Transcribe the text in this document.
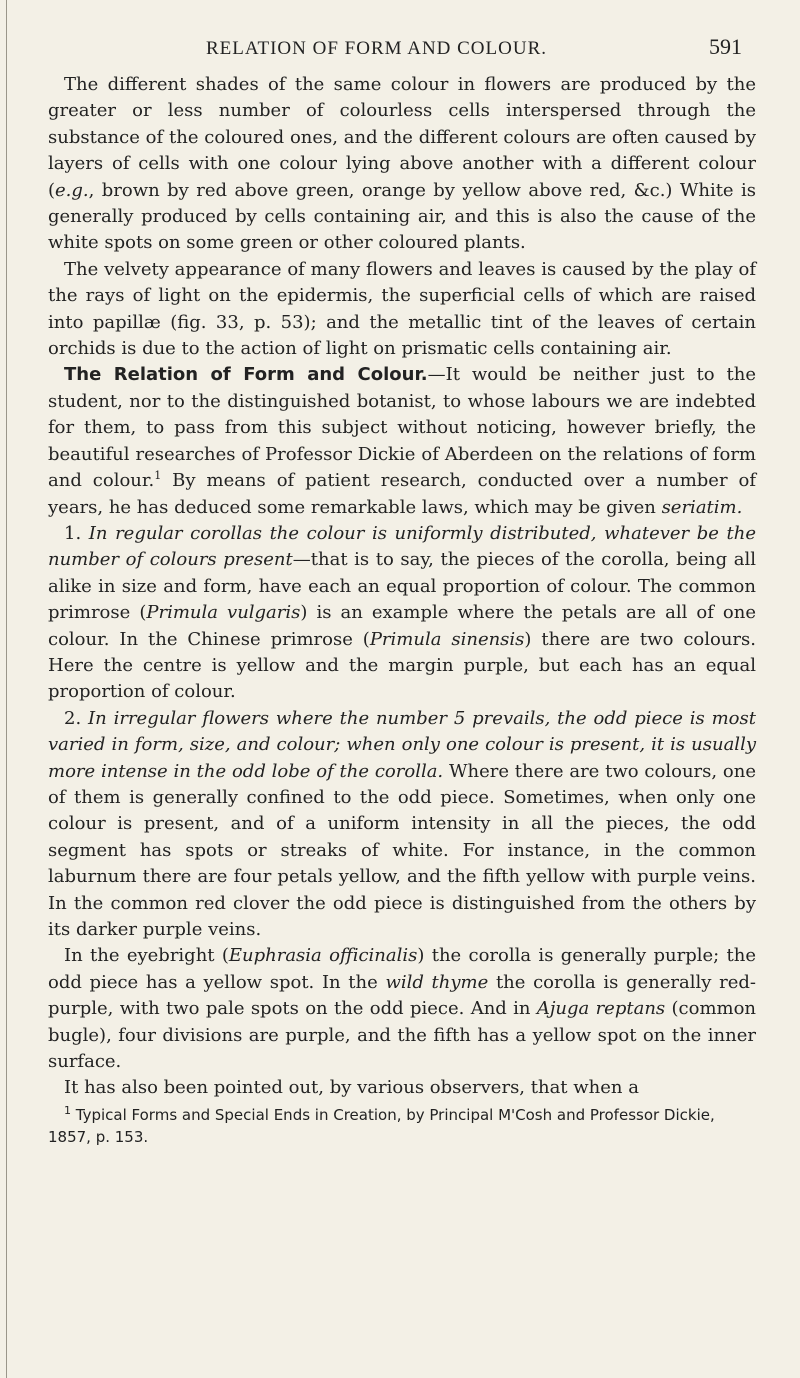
RELATION OF FORM AND COLOUR.	591

The different shades of the same colour in flowers are produced by the greater or less number of colourless cells interspersed through the substance of the coloured ones, and the different colours are often caused by layers of cells with one colour lying above another with a different colour (e.g., brown by red above green, orange by yellow above red, &c.) White is generally produced by cells containing air, and this is also the cause of the white spots on some green or other coloured plants.

The velvety appearance of many flowers and leaves is caused by the play of the rays of light on the epidermis, the superficial cells of which are raised into papillæ (fig. 33, p. 53); and the metallic tint of the leaves of certain orchids is due to the action of light on prismatic cells containing air.

The Relation of Form and Colour.—It would be neither just to the student, nor to the distinguished botanist, to whose labours we are indebted for them, to pass from this subject without noticing, however briefly, the beautiful researches of Professor Dickie of Aberdeen on the relations of form and colour.$^1$ By means of patient research, conducted over a number of years, he has deduced some remarkable laws, which may be given seriatim.

1. In regular corollas the colour is uniformly distributed, whatever be the number of colours present—that is to say, the pieces of the corolla, being all alike in size and form, have each an equal proportion of colour. The common primrose (Primula vulgaris) is an example where the petals are all of one colour. In the Chinese primrose (Primula sinensis) there are two colours. Here the centre is yellow and the margin purple, but each has an equal proportion of colour.

2. In irregular flowers where the number 5 prevails, the odd piece is most varied in form, size, and colour; when only one colour is present, it is usually more intense in the odd lobe of the corolla. Where there are two colours, one of them is generally confined to the odd piece. Sometimes, when only one colour is present, and of a uniform intensity in all the pieces, the odd segment has spots or streaks of white. For instance, in the common laburnum there are four petals yellow, and the fifth yellow with purple veins. In the common red clover the odd piece is distinguished from the others by its darker purple veins.

In the eyebright (Euphrasia officinalis) the corolla is generally purple; the odd piece has a yellow spot. In the wild thyme the corolla is generally red-purple, with two pale spots on the odd piece. And in Ajuga reptans (common bugle), four divisions are purple, and the fifth has a yellow spot on the inner surface.

It has also been pointed out, by various observers, that when a

$^1$ Typical Forms and Special Ends in Creation, by Principal M'Cosh and Professor Dickie, 1857, p. 153.
